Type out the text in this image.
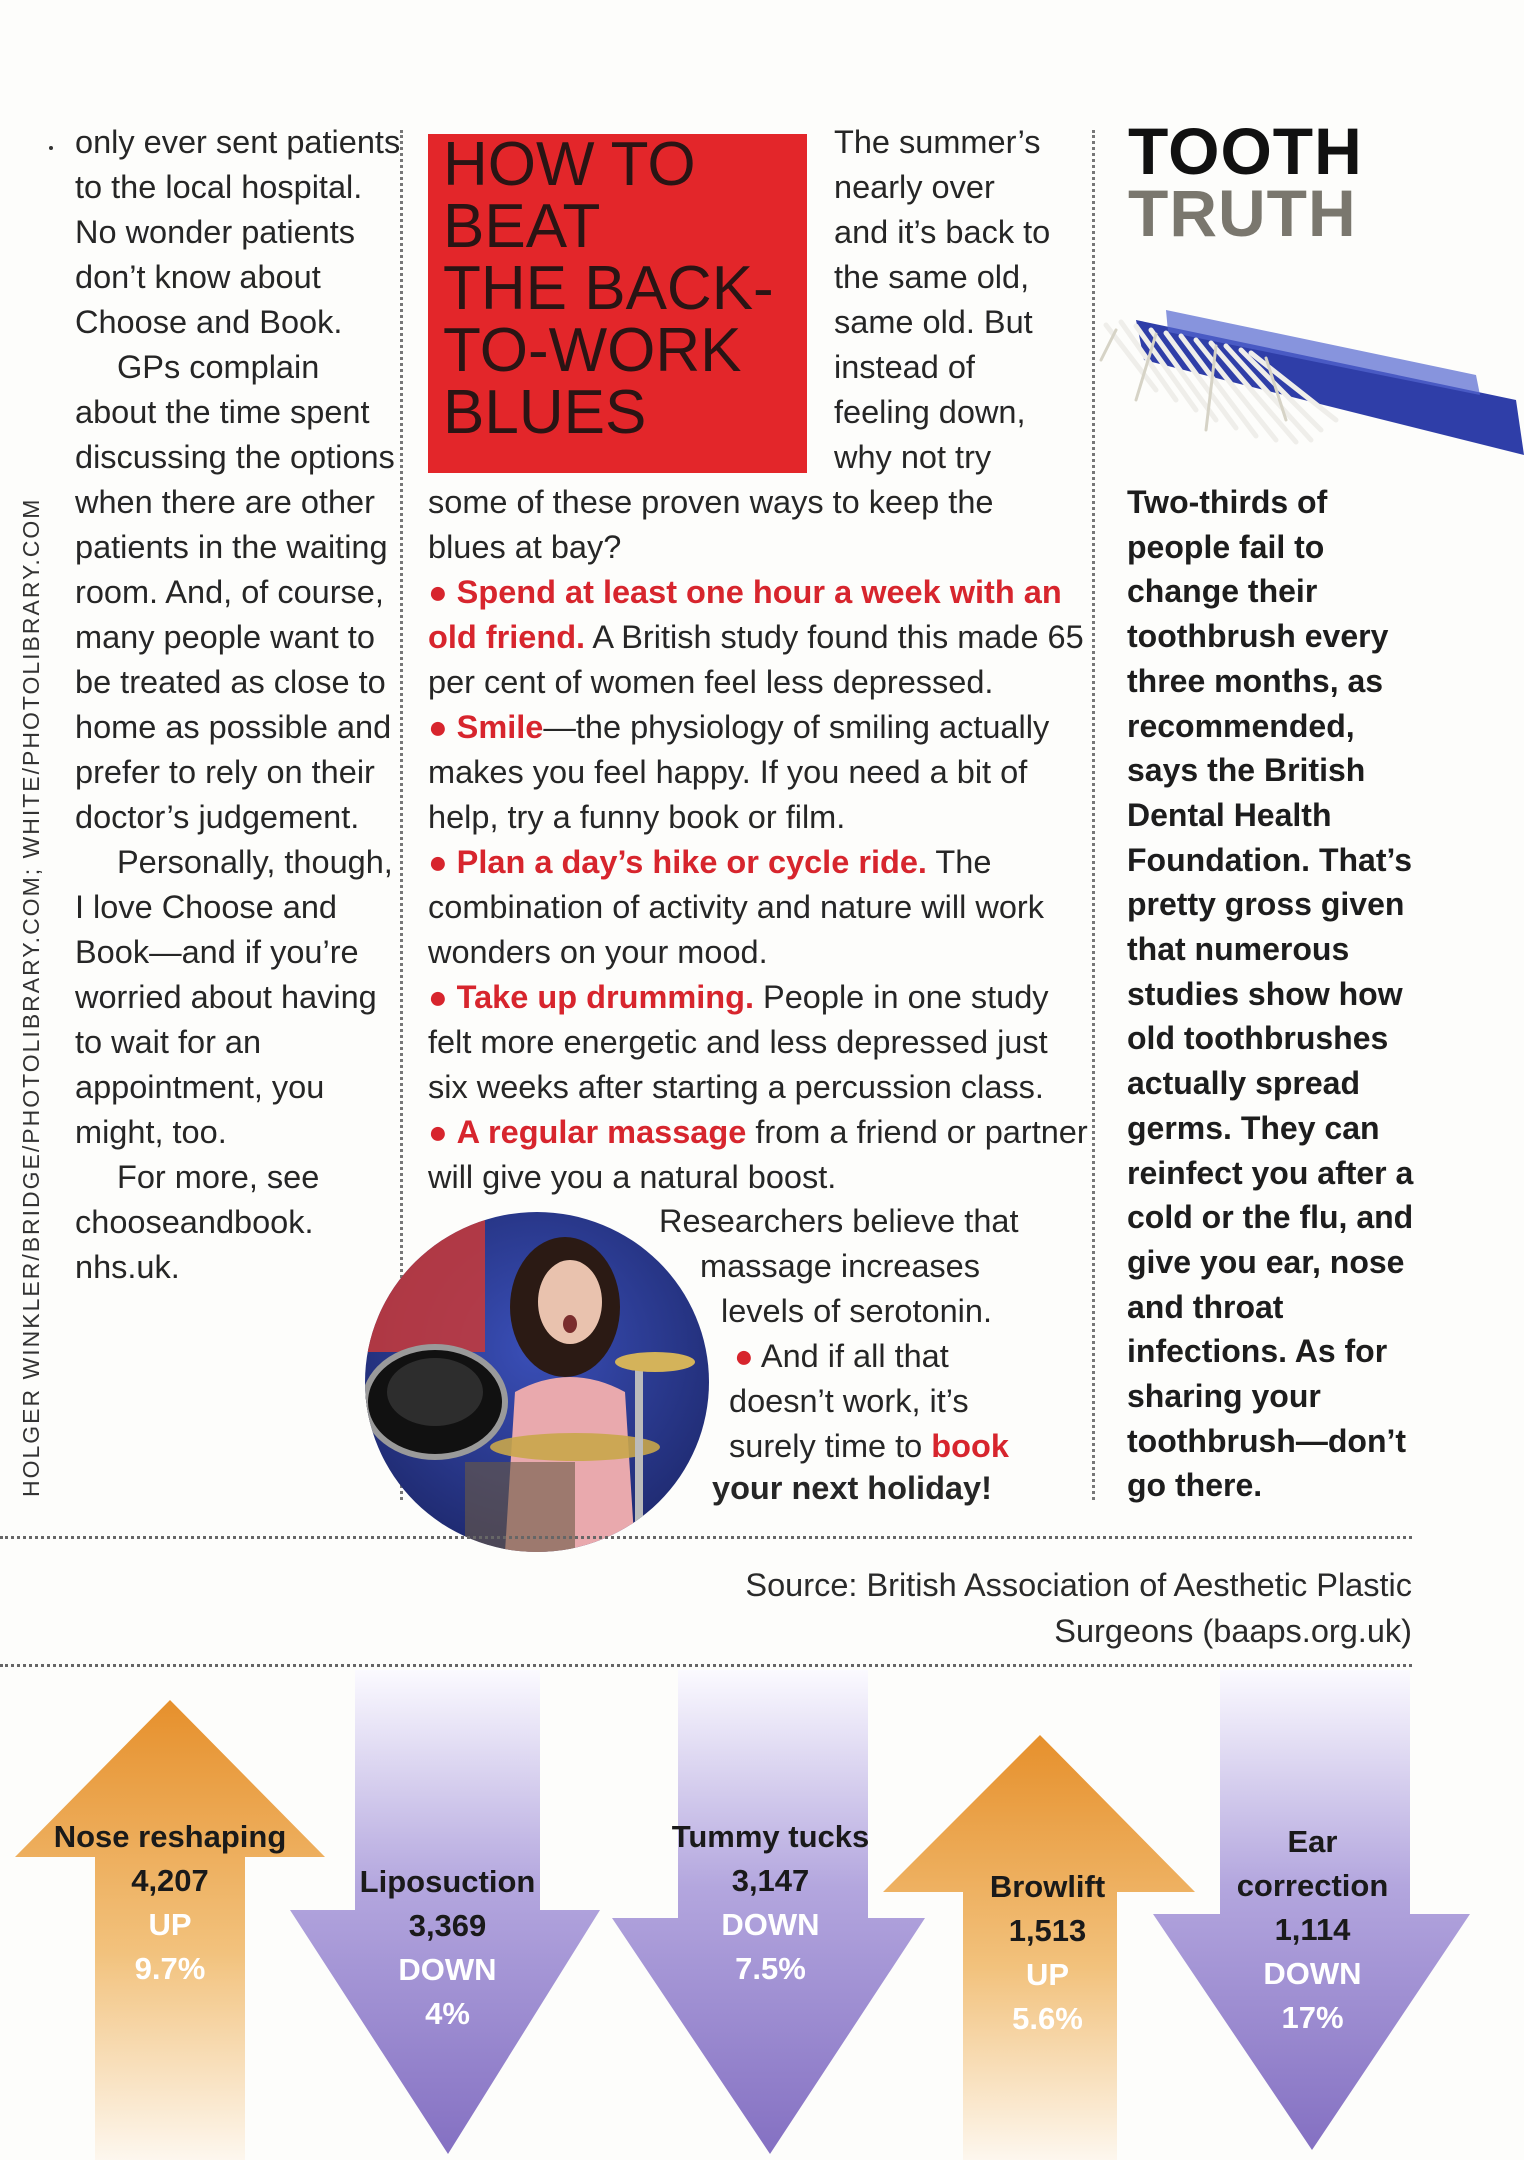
HOLGER WINKLER/BRIDGE/PHOTOLIBRARY.COM; WHITE/PHOTOLIBRARY.COM

only ever sent patients to the local hospital. No wonder patients don’t know about Choose and Book.

GPs complain about the time spent discussing the options when there are other patients in the waiting room. And, of course, many people want to be treated as close to home as possible and prefer to rely on their doctor’s judgement.

Personally, though, I love Choose and Book—and if you’re worried about having to wait for an appointment, you might, too.

For more, see chooseandbook. nhs.uk.

HOW TO
BEAT
THE BACK-
TO-WORK
BLUES

The summer’s

nearly over

and it’s back to

the same old,

same old. But

instead of

feeling down,

why not try

some of these proven ways to keep the blues at bay?

● Spend at least one hour a week with an old friend. A British study found this made 65 per cent of women feel less depressed.

● Smile—the physiology of smiling actually makes you feel happy. If you need a bit of help, try a funny book or film.

● Plan a day’s hike or cycle ride. The combination of activity and nature will work wonders on your mood.

● Take up drumming. People in one study felt more energetic and less depressed just six weeks after starting a percussion class.

● A regular massage from a friend or partner will give you a natural boost.

Researchers believe that
massage increases
levels of serotonin.
● And if all that
doesn’t work, it’s
surely time to book
your next holiday!
TOOTH
TRUTH
Two-thirds of people fail to change their toothbrush every three months, as recommended, says the British Dental Health Foundation. That’s pretty gross given that numerous studies show how old toothbrushes actually spread germs. They can reinfect you after a cold or the flu, and give you ear, nose and throat infections. As for sharing your toothbrush—don’t go there.
Source: British Association of Aesthetic Plastic Surgeons (baaps.org.uk)
Nose reshaping
4,207
UP
9.7%
Liposuction
3,369
DOWN
4%
Tummy tucks
3,147
DOWN
7.5%
Browlift
1,513
UP
5.6%
Ear correction
1,114
DOWN
17%
